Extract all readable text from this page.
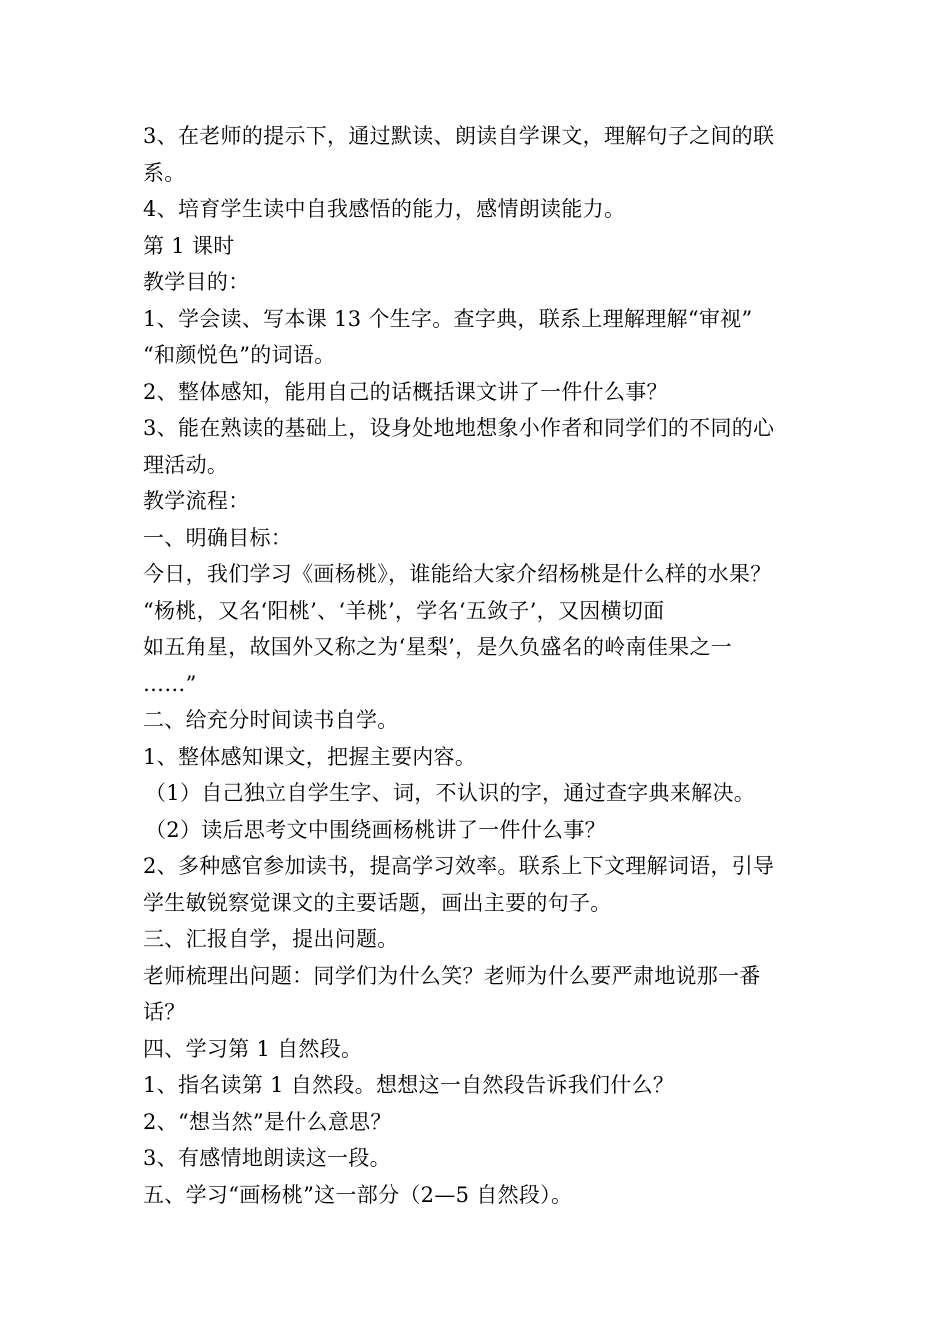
3、在老师的提示下，通过默读、朗读自学课文，理解句子之间的联
系。
4、培育学生读中自我感悟的能力，感情朗读能力。
第 1 课时
教学目的：
1、学会读、写本课 13 个生字。查字典，联系上理解理解“审视”
“和颜悦色”的词语。
2、整体感知，能用自己的话概括课文讲了一件什么事？
3、能在熟读的基础上，设身处地地想象小作者和同学们的不同的心
理活动。
教学流程：
一、明确目标：
今日，我们学习《画杨桃》，谁能给大家介绍杨桃是什么样的水果？
“杨桃，又名‘阳桃’、‘羊桃’，学名‘五敛子’，又因横切面
如五角星，故国外又称之为‘星梨’，是久负盛名的岭南佳果之一
……”
二、给充分时间读书自学。
1、整体感知课文，把握主要内容。
（1）自己独立自学生字、词，不认识的字，通过查字典来解决。
（2）读后思考文中围绕画杨桃讲了一件什么事？
2、多种感官参加读书，提高学习效率。联系上下文理解词语，引导
学生敏锐察觉课文的主要话题，画出主要的句子。
三、汇报自学，提出问题。
老师梳理出问题：同学们为什么笑？老师为什么要严肃地说那一番
话？
四、学习第 1 自然段。
1、指名读第 1 自然段。想想这一自然段告诉我们什么？
2、“想当然”是什么意思？
3、有感情地朗读这一段。
五、学习“画杨桃”这一部分（2—5 自然段）。
